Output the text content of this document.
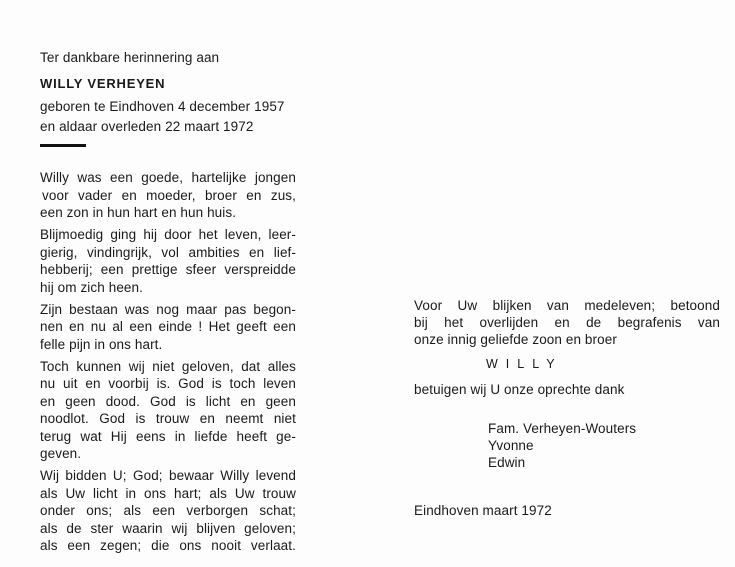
Ter dankbare herinnering aan
WILLY VERHEYEN
geboren te Eindhoven 4 december 1957
en aldaar overleden 22 maart 1972
Willy was een goede, hartelijke jongen
voor vader en moeder, broer en zus,
een zon in hun hart en hun huis.
Blijmoedig ging hij door het leven, leer-
gierig, vindingrijk, vol ambities en lief-
hebberij; een prettige sfeer verspreidde
hij om zich heen.
Zijn bestaan was nog maar pas begon-
nen en nu al een einde ! Het geeft een
felle pijn in ons hart.
Toch kunnen wij niet geloven, dat alles
nu uit en voorbij is. God is toch leven
en geen dood. God is licht en geen
noodlot. God is trouw en neemt niet
terug wat Hij eens in liefde heeft ge-
geven.
Wij bidden U; God; bewaar Willy levend
als Uw licht in ons hart; als Uw trouw
onder ons; als een verborgen schat;
als de ster waarin wij blijven geloven;
als een zegen; die ons nooit verlaat.
Voor Uw blijken van medeleven; betoond
bij het overlijden en de begrafenis van
onze innig geliefde zoon en broer
WILLY
betuigen wij U onze oprechte dank
Fam. Verheyen-Wouters
Yvonne
Edwin
Eindhoven maart 1972
